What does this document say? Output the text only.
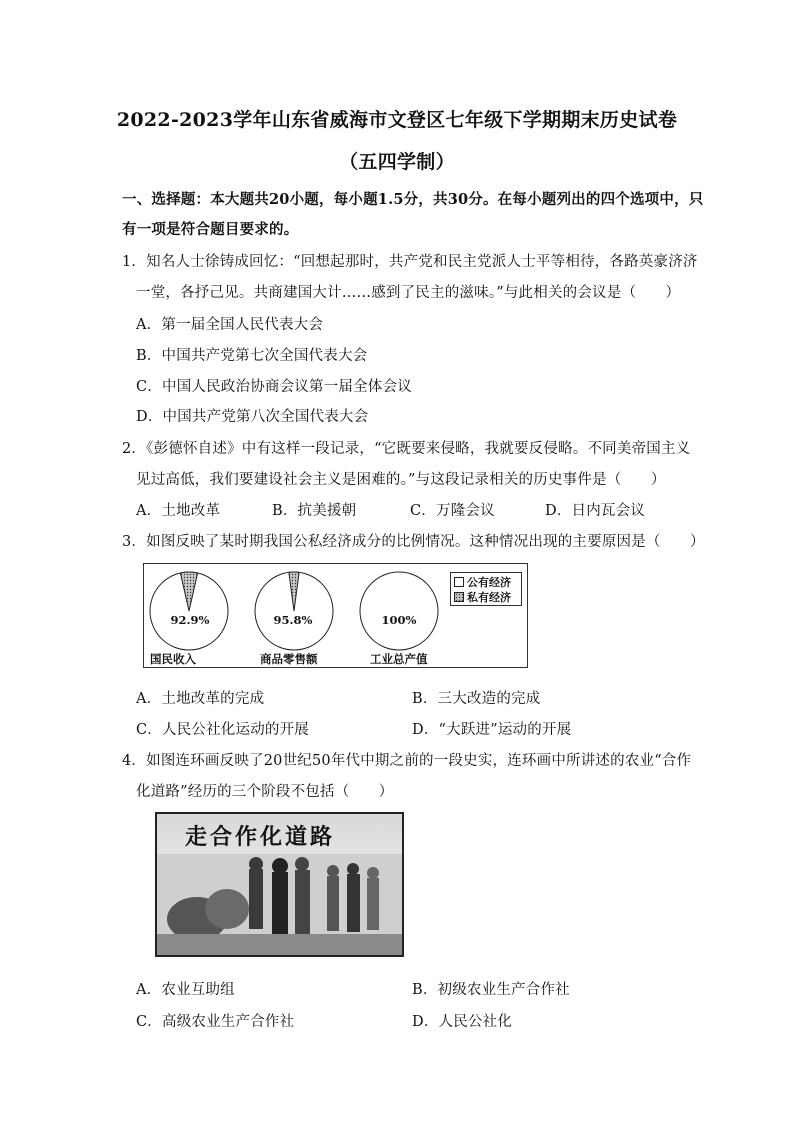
2022-2023学年山东省威海市文登区七年级下学期期末历史试卷
（五四学制）
一、选择题：本大题共20小题，每小题1.5分，共30分。在每小题列出的四个选项中，只
有一项是符合题目要求的。
1．知名人士徐铸成回忆：“回想起那时，共产党和民主党派人士平等相待，各路英豪济济
一堂，各抒己见。共商建国大计……感到了民主的滋味。”与此相关的会议是（　　）
A．第一届全国人民代表大会
B．中国共产党第七次全国代表大会
C．中国人民政治协商会议第一届全体会议
D．中国共产党第八次全国代表大会
2．《彭德怀自述》中有这样一段记录，“它既要来侵略，我就要反侵略。不同美帝国主义
见过高低，我们要建设社会主义是困难的。”与这段记录相关的历史事件是（　　）
A．土地改革	B．抗美援朝	C．万隆会议	D．日内瓦会议
3．如图反映了某时期我国公私经济成分的比例情况。这种情况出现的主要原因是（　　）
公有经济
私有经济
92.9%	95.8%	100%
国民收入	商品零售额	工业总产值
A．土地改革的完成	B．三大改造的完成
C．人民公社化运动的开展	D．“大跃进”运动的开展
4．如图连环画反映了20世纪50年代中期之前的一段史实，连环画中所讲述的农业“合作
化道路”经历的三个阶段不包括（　　）
走合作化道路
A．农业互助组	B．初级农业生产合作社
C．高级农业生产合作社	D．人民公社化
